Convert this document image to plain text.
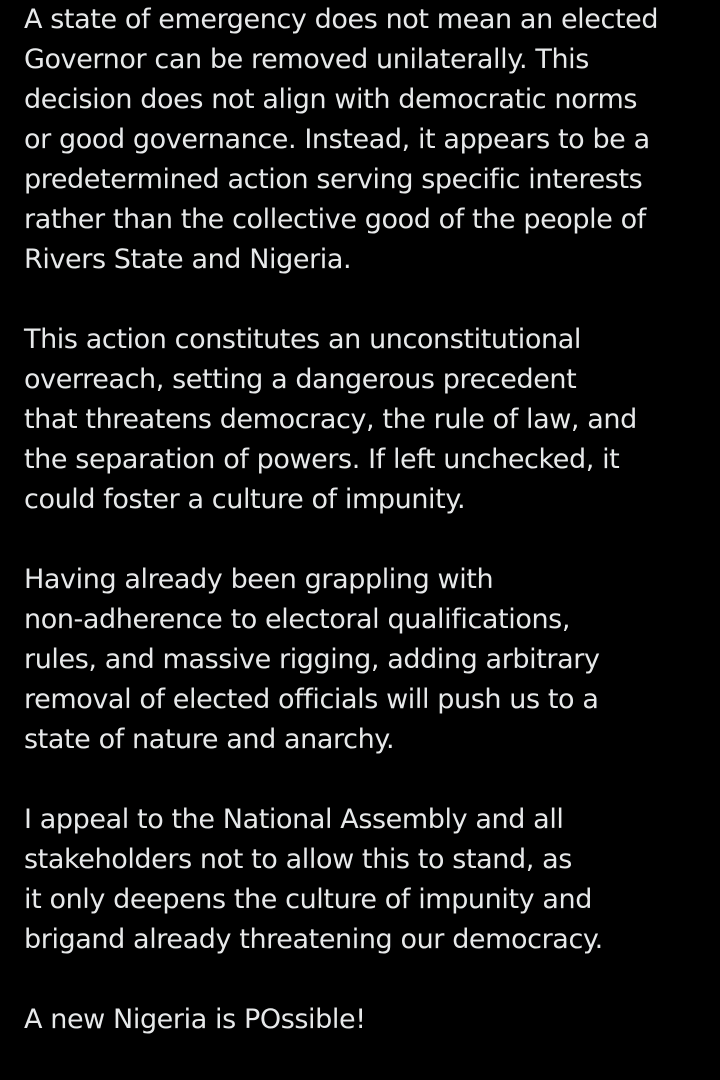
A state of emergency does not mean an elected
Governor can be removed unilaterally. This
decision does not align with democratic norms
or good governance. Instead, it appears to be a
predetermined action serving specific interests
rather than the collective good of the people of
Rivers State and Nigeria.
This action constitutes an unconstitutional
overreach, setting a dangerous precedent
that threatens democracy, the rule of law, and
the separation of powers. If left unchecked, it
could foster a culture of impunity.
Having already been grappling with
non-adherence to electoral qualifications,
rules, and massive rigging, adding arbitrary
removal of elected officials will push us to a
state of nature and anarchy.
I appeal to the National Assembly and all
stakeholders not to allow this to stand, as
it only deepens the culture of impunity and
brigand already threatening our democracy.
A new Nigeria is POssible!
